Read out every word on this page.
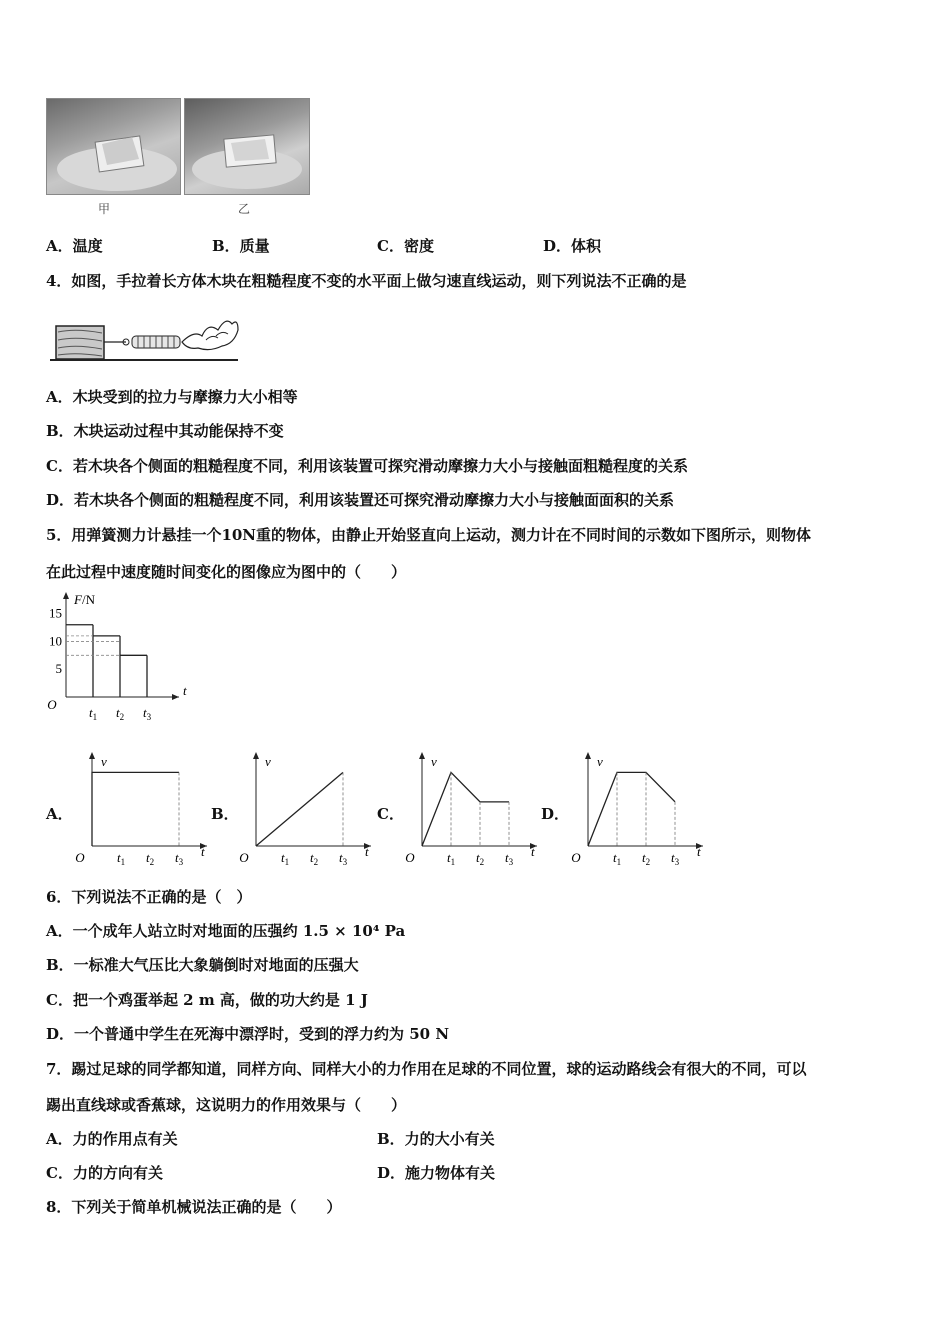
甲	乙
A．温度	B．质量	C．密度	D．体积
4．如图，手拉着长方体木块在粗糙程度不变的水平面上做匀速直线运动，则下列说法不正确的是
A．木块受到的拉力与摩擦力大小相等
B．木块运动过程中其动能保持不变
C．若木块各个侧面的粗糙程度不同，利用该装置可探究滑动摩擦力大小与接触面粗糙程度的关系
D．若木块各个侧面的粗糙程度不同，利用该装置还可探究滑动摩擦力大小与接触面面积的关系
5．用弹簧测力计悬挂一个10N重的物体，由静止开始竖直向上运动，测力计在不同时间的示数如下图所示，则物体
在此过程中速度随时间变化的图像应为图中的（　　）
F/N
t
O
5
10
15
$t_1$ $t_2$ $t_3$
A．	B．	C．	D．
v
t
O $t_1$ $t_2$ $t_3$
v
t
O $t_1$ $t_2$ $t_3$
v
t
O $t_1$ $t_2$ $t_3$
v
t
O $t_1$ $t_2$ $t_3$
6．下列说法不正确的是（　）
A．一个成年人站立时对地面的压强约 1.5 × 10⁴ Pa
B．一标准大气压比大象躺倒时对地面的压强大
C．把一个鸡蛋举起 2 m 高，做的功大约是 1 J
D．一个普通中学生在死海中漂浮时，受到的浮力约为 50 N
7．踢过足球的同学都知道，同样方向、同样大小的力作用在足球的不同位置，球的运动路线会有很大的不同，可以
踢出直线球或香蕉球，这说明力的作用效果与（　　）
A．力的作用点有关	B．力的大小有关
C．力的方向有关	D．施力物体有关
8．下列关于简单机械说法正确的是（　　）
